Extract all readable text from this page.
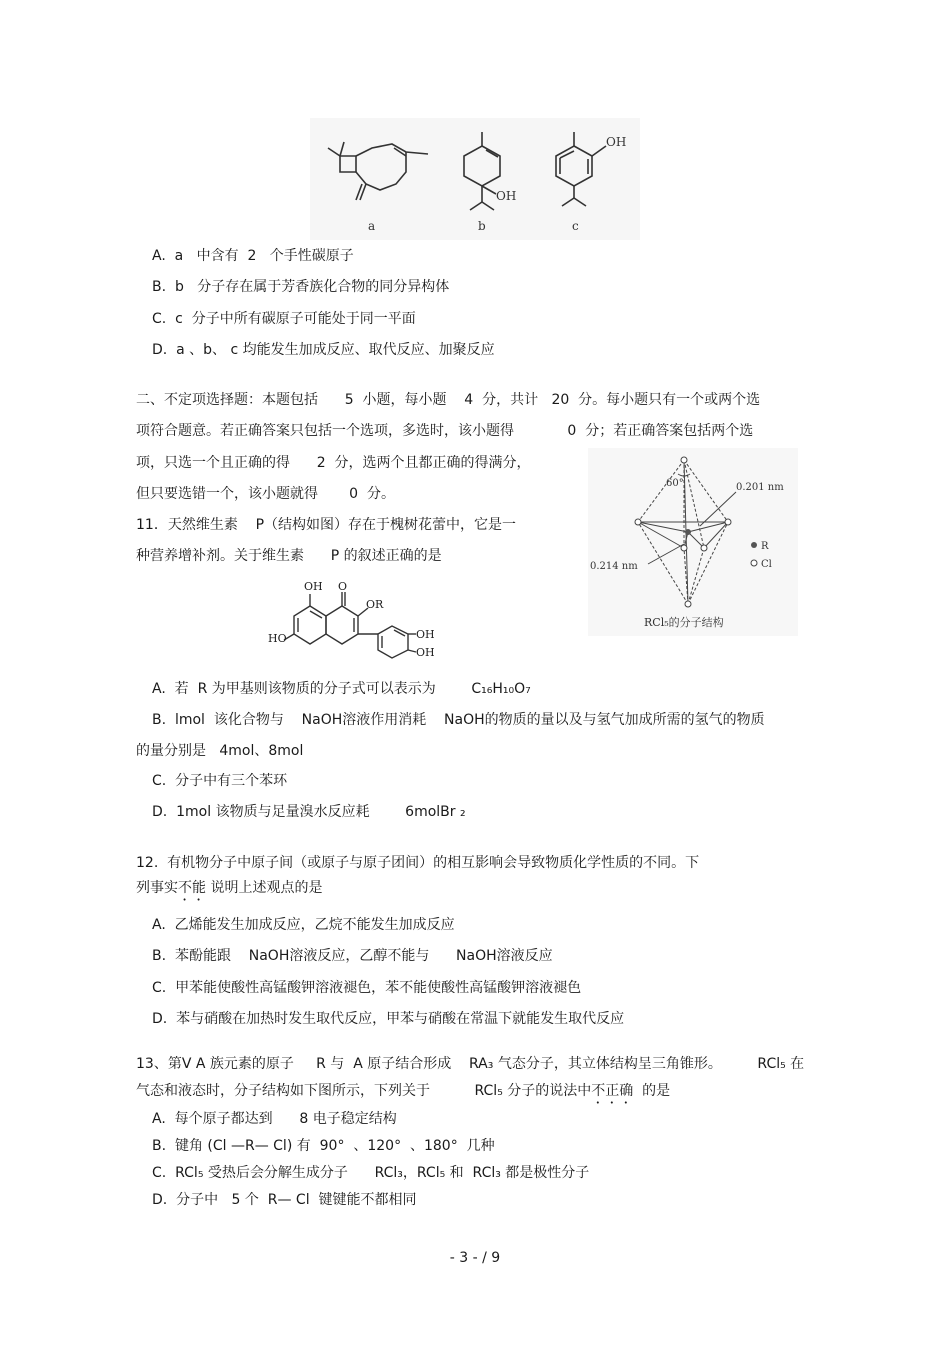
a
OH
b
OH
c
A.  a   中含有  2   个手性碳原子
B.  b   分子存在属于芳香族化合物的同分异构体
C.  c  分子中所有碳原子可能处于同一平面
D.  a 、b、 c 均能发生加成反应、取代反应、加聚反应
二、不定项选择题：本题包括      5  小题，每小题    4  分，共计   20  分。每小题只有一个或两个选
项符合题意。若正确答案只包括一个选项，多选时，该小题得            0  分；若正确答案包括两个选
项，只选一个且正确的得      2  分，选两个且都正确的得满分，
但只要选错一个，该小题就得       0  分。
11．天然维生素    P（结构如图）存在于槐树花蕾中，它是一
种营养增补剂。关于维生素      P 的叙述正确的是
60°	0.201 nm
0.214 nm
R
Cl
RCl₅的分子结构
OH O
OR
HO	OH
OH
A.  若  R 为甲基则该物质的分子式可以表示为        C₁₆H₁₀O₇
B.  lmol  该化合物与    NaOH溶液作用消耗    NaOH的物质的量以及与氢气加成所需的氢气的物质
的量分别是   4mol、8mol
C.  分子中有三个苯环
D.  1mol 该物质与足量溴水反应耗        6molBr ₂
12.  有机物分子中原子间（或原子与原子团间）的相互影响会导致物质化学性质的不同。下
列事实不能 说明上述观点的是
A.  乙烯能发生加成反应，乙烷不能发生加成反应
B.  苯酚能跟    NaOH溶液反应，乙醇不能与      NaOH溶液反应
C.  甲苯能使酸性高锰酸钾溶液褪色，苯不能使酸性高锰酸钾溶液褪色
D.  苯与硝酸在加热时发生取代反应，甲苯与硝酸在常温下就能发生取代反应
13、第Ⅴ A 族元素的原子     R 与  A 原子结合形成    RA₃ 气态分子，其立体结构呈三角锥形。        RCl₅ 在
气态和液态时，分子结构如下图所示，下列关于          RCl₅ 分子的说法中不正确  的是
A.  每个原子都达到      8 电子稳定结构
B.  键角 (Cl —R— Cl) 有  90°  、120°  、180°  几种
C.  RCl₅ 受热后会分解生成分子      RCl₃，RCl₅ 和  RCl₃ 都是极性分子
D.  分子中   5 个  R— Cl  键键能不都相同
- 3 - / 9
